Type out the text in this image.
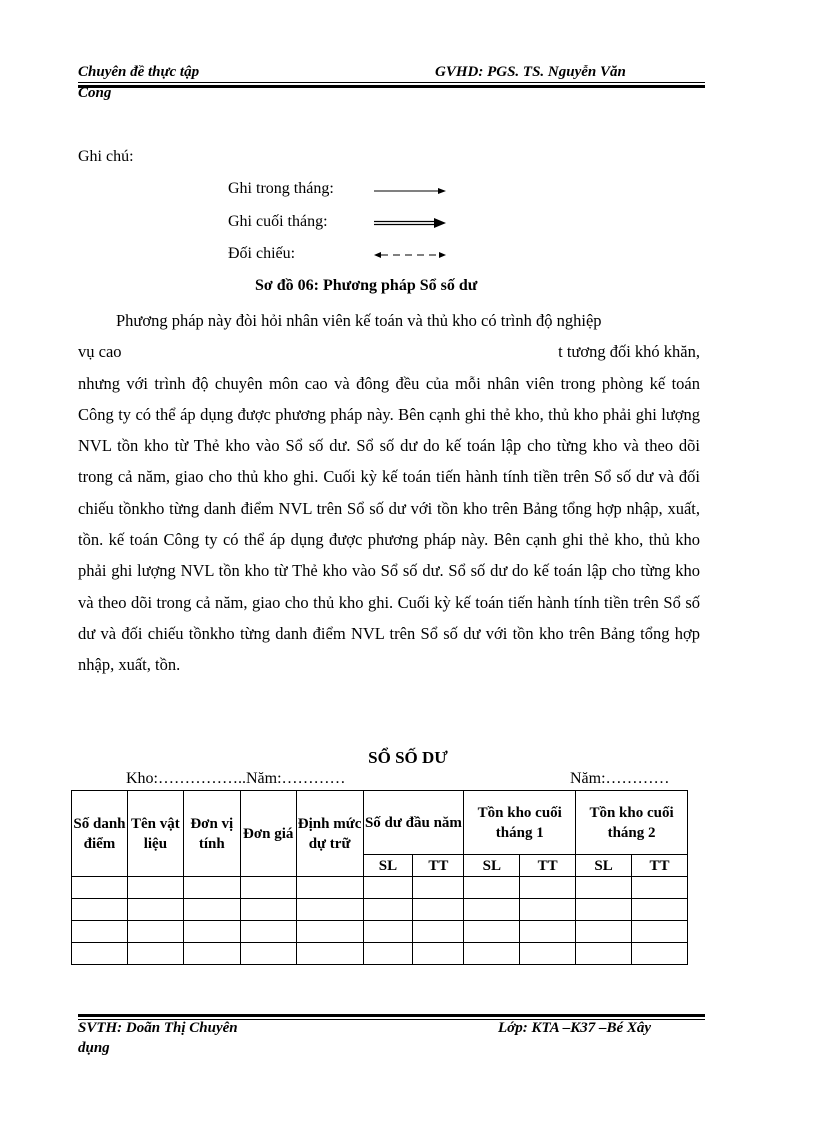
Chuyên đề thực tập	GVHD: PGS. TS. Nguyễn Văn
Cong
Ghi chú:
Ghi trong tháng:
Ghi cuối tháng:
Đối chiếu:
Sơ đồ 06: Phương pháp Sổ số dư

Phương pháp này đòi hỏi nhân viên kế toán và thủ kho có trình độ nghiệp

vụ cao	t tương đối khó khăn,
nhưng với trình độ chuyên môn cao và đông đều của mỗi nhân viên trong phòng kế toán Công ty có thể áp dụng được phương pháp này. Bên cạnh ghi thẻ kho, thủ kho phải ghi lượng NVL tồn kho từ Thẻ kho vào Sổ số dư. Sổ số dư do kế toán lập cho từng kho và theo dõi trong cả năm, giao cho thủ kho ghi. Cuối kỳ kế toán tiến hành tính tiền trên Sổ số dư và đối chiếu tồnkho từng danh điểm NVL trên Sổ số dư với tồn kho trên Bảng tổng hợp nhập, xuất, tồn. kế toán Công ty có thể áp dụng được phương pháp này. Bên cạnh ghi thẻ kho, thủ kho phải ghi lượng NVL tồn kho từ Thẻ kho vào Sổ số dư. Sổ số dư do kế toán lập cho từng kho và theo dõi trong cả năm, giao cho thủ kho ghi. Cuối kỳ kế toán tiến hành tính tiền trên Sổ số dư và đối chiếu tồnkho từng danh điểm NVL trên Sổ số dư với tồn kho trên Bảng tổng hợp nhập, xuất, tồn.
SỔ SỐ DƯ
Kho:……………..Năm:…………	Năm:…………
Số danh điểm	Tên vật liệu	Đơn vị tính	Đơn giá	Định mức dự trữ	Số dư đầu năm		Tồn kho cuối tháng 1		Tồn kho cuối tháng 2	
					SL	TT	SL	TT	SL	TT

SVTH: Doãn Thị Chuyên	Lớp: KTA –K37 –Bé Xây
dụng
